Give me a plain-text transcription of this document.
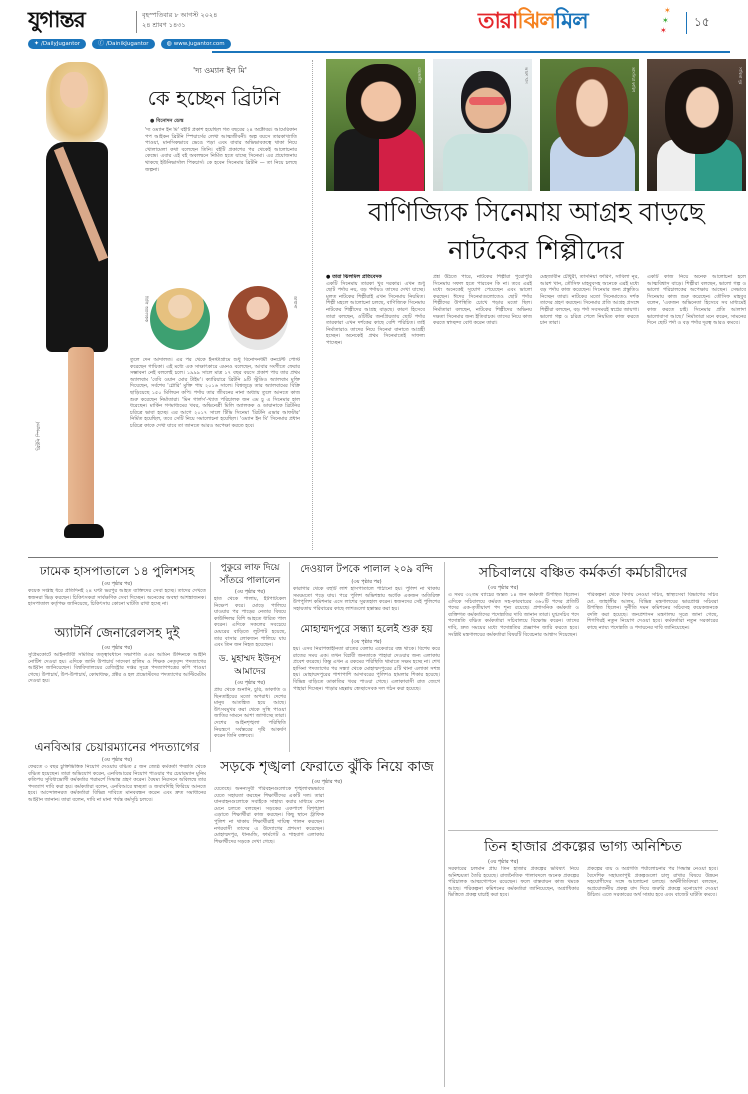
যুগান্তর	বৃহস্পতিবার ৮ আগস্ট ২০২৪
২৪ শ্রাবণ ১৪৩১
✦ /DailyJugantor	ⓕ /DainikJugantor	◍ www.jugantor.com
তারাঝিলমিল	✶
✶
✶
১৫
ব্রিটনি স্পিয়ার্স
'দ্য ওম্যান ইন মি'
কে হচ্ছেন ব্রিটনি
● বিনোদন ডেস্ক
'দ্য ওম্যান ইন মি' বইটি প্রকাশ হয়েছিল গত বছরের ২৪ অক্টোবর। আমেরিকান পপ আইকন ব্রিটনি স্পিয়ার্সের লেখা আত্মজীবনী। অল্প বয়সে তারকাখ্যাতি পাওয়া, মানসিকভাবে ভেঙে পড়া এবং বাবার অভিভাবকত্বে থাকা নিয়ে খোলামেলা কথা বলেছেন তিনি। বইটি প্রকাশের পর থেকেই আলোচনার কেন্দ্রে। এবার এই বই অবলম্বনে নির্মিত হতে যাচ্ছে সিনেমা। এর প্রযোজনায় থাকছে ইউনিভার্সাল পিকচার্স। কে হবেন সিনেমার ব্রিটনি — তা নিয়ে চলছে জল্পনা।
মিলি অ্যালকক	ডায়ানা
তুলে দেন আদালত। এর পর থেকে ইনস্টাগ্রামে শুধু বিনোদনধর্মী কনটেন্ট পোস্ট করেছেন গায়িকা। এই মধ্যে এক সাক্ষাৎকারে এমনও বলেছেন, আবার সংগীতে ফেরার সম্ভাবনা নেই বললেই চলে। ১৯৯৯ সালে মাত্র ১৭ বছর বয়সে প্রকাশ পায় তার প্রথম অ্যালবাম 'বেবি ওয়ান মোর টাইম'। ক্যারিয়ারে ব্রিটনি ৯টি স্টুডিও অ্যালবাম মুক্তি দিয়েছেন, সর্বশেষ 'গ্লোরি' মুক্তি পায় ২০১৬ সালে। বিশ্বজুড়ে তার অ্যালবামের বিক্রি ছাড়িয়েছে ১৫০ মিলিয়ন কপি। পর্দায় তার জীবনের নানা অধ্যায় তুলে আনতে কাজ শুরু করেছেন নির্মাতারা। 'মিন গার্লস'-খ্যাত পরিচালক জন এম চু এ সিনেমার হাল ধরেছেন। মার্কিন গণমাধ্যমের খবর, অভিনেত্রী মিলি অ্যালকক ও ডায়ানাকে ব্রিটনির চরিত্রে ভাবা হচ্ছে। এর আগে ২০১৭ সালে টিভি সিনেমা 'ব্রিটনি এভার আফটার' নির্মিত হয়েছিল, তবে সেটি নিয়ে সমালোচনা হয়েছিল। 'ওম্যান ইন মি' সিনেমার প্রধান চরিত্রে কাকে দেখা যাবে তা জানতে আরও অপেক্ষা করতে হবে।
মেহজাবীন	আরশ খান	তাসনিয়া ফারিণ	সাবিলা নূর
বাণিজ্যিক সিনেমায় আগ্রহ বাড়ছে
নাটকের শিল্পীদের
● তারা ঝিলমিল প্রতিবেদক
একটি সিনেমায় তারকা খুব দরকার। এখন শুধু ছোট পর্দায় নয়, বড় পর্দায়ও তাদের দেখা যাচ্ছে। মূলত নাটকের শিল্পীরাই এখন সিনেমায় নিয়মিত। শিল্পী মহলে আলোচনা চলছে, বাণিজ্যিক সিনেমায় নাটকের শিল্পীদের আগ্রহ বাড়ছে। কারণ হিসেবে তারা বলছেন, ওটিটির জনপ্রিয়তায় ছোট পর্দার তারকারা এখন দর্শকের কাছে বেশি পরিচিত। তাই নির্মাতারাও তাদের নিয়ে সিনেমা বানাতে আগ্রহী হচ্ছেন। অনেকেই প্রথম সিনেমাতেই সাফল্য পাচ্ছেন।
প্রশ্ন উঠতে পারে, নাটকের শিল্পীরা পুরোপুরি সিনেমায় সফল হতে পারবেন কি না। তবে এরই মধ্যে অনেকেই সুযোগ পেয়েছেন এবং ভালো করছেন। ঈদের সিনেমাগুলোতেও ছোট পর্দার শিল্পীদের উপস্থিতি চোখে পড়ার মতো ছিল। নির্মাতারা বলছেন, নাটকের শিল্পীদের অভিনয় দক্ষতা সিনেমার জন্য ইতিবাচক। তাদের নিয়ে কাজ করতে স্বাচ্ছন্দ্য বোধ করেন তারা।
মেহজাবীন চৌধুরী, তাসনিয়া ফারিণ, সাবিলা নূর, আরশ খান, তৌসিফ মাহবুবসহ অনেকে এরই মধ্যে বড় পর্দায় কাজ করেছেন। সিনেমার জন্য প্রস্তুতিও নিচ্ছেন তারা। নাটকের মতো সিনেমাতেও দর্শক তাদের গ্রহণ করছেন। সিনেমার প্রতি আগ্রহ প্রসঙ্গে শিল্পীরা বলছেন, বড় পর্দা সবসময়ই স্বপ্নের জায়গা। ভালো গল্প ও চরিত্র পেলে নিয়মিত কাজ করতে চান তারা।
একটি কাজ নিয়ে অনেক আলোচনা হলে আত্মবিশ্বাস বাড়ে। শিল্পীরা বলছেন, ভালো গল্প ও ভালো পরিচালকের অপেক্ষায় আছেন। সেভাবে সিনেমায় কাজ শুরু করেছেন। তৌসিফ মাহবুব বলেন, 'একজন অভিনেতা হিসেবে সব মাধ্যমেই কাজ করতে চাই। সিনেমার প্রতি আলাদা ভালোবাসা আছে।' নির্মাতারা মনে করেন, সামনের দিনে ছোট পর্দা ও বড় পর্দার দূরত্ব আরও কমবে।
ঢামেক হাসপাতালে ১৪ পুলিশসহ
(৩য় পৃষ্ঠার পর)
কয়েক সপ্তাহ ধরে প্রতিদিনই ২৪ ঘণ্টা ভরপুর আহত ব্যক্তিদের সেবা হচ্ছে। তাদের দেখতে স্বজনরা ভিড় করছেন। চিকিৎসকরা সার্বক্ষণিক সেবা দিচ্ছেন। অনেকের অবস্থা আশঙ্কাজনক। হাসপাতাল কর্তৃপক্ষ জানিয়েছে, চিকিৎসায় কোনো ঘাটতি রাখা হচ্ছে না।
অ্যাটর্নি জেনারেলসহ দুই
(৩য় পৃষ্ঠার পর)
সুপ্রিমকোর্টে আইনজীবী সমিতির তত্ত্বাবধানে সভাপতি এএম আমিন উদ্দিনকে আইনি নোটিশ দেওয়া হয়। এদিকে জানি উপাচার্য সাদেকা হালিম ও শিক্ষক নেতৃবৃন্দ পদত্যাগের আহ্বান জানিয়েছেন। বিশ্ববিদ্যালয়ের রেজিস্ট্রার দপ্তর সূত্রে পদত্যাগপত্রের কপি পাওয়া গেছে। উপাচার্য, উপ-উপাচার্য, কোষাধ্যক্ষ, প্রক্টর ও হল প্রভোস্টদের পদত্যাগের আল্টিমেটাম দেওয়া হয়।
এনবিআর চেয়ারম্যানের পদত্যাগের
(৩য় পৃষ্ঠার পর)
ফেরতে ৩ বছর চুক্তিভিত্তিক নিয়োগ দেওয়ায় বঞ্চিত ৫ জন জ্যেষ্ঠ কর্মকর্তা পদন্নতি থেকে বঞ্চিত হয়েছেন। তারা অভিযোগ করেন, এনবিআরের নিয়োগ পাওয়ার পর চেয়ারম্যান মুনিম কতিপয় সুবিধাভোগী কর্মকর্তার পরামর্শে সিদ্ধান্ত গ্রহণ করেন। বৈষম্য নিরসনে অবিলম্বে তার পদত্যাগ দাবি করা হয়। কর্মকর্তারা বলেন, এনবিআরে স্বচ্ছতা ও জবাবদিহি ফিরিয়ে আনতে হবে। আন্দোলনরত কর্মকর্তারা বিভিন্ন দাবিতে মানববন্ধন করেন এবং দ্রুত সমাধানের আহ্বান জানান। তারা বলেন, দাবি না মানা পর্যন্ত কর্মসূচি চলবে।
পুকুরে লাফ দিয়ে সাঁতরে পালালেন
(৩য় পৃষ্ঠার পর)
হাত থেকে পালায়, ইটপাটকেল নিক্ষেপ করে। মোড়ে পালিয়ে যাওয়ার পর পাড়ের নেতার বিষয়ে কাউন্সিলর বিশি আহতে ধারিত পাল করেন। এদিকে সকলের সবচেয়ে মেয়রের বাড়িতে লুটপাট হয়েছে, তার বাসার লোকজন পালিয়ে যায় এবং তিন জন নিহত হয়েছেন।
ড. মুহাম্মদ ইউনূস আমাদের
(৩য় পৃষ্ঠার পর)
প্রায় থেকে শুনানি, চুরি, ডাকাতি ও ছিনতাইয়ের মতো অপরাধ। দেশের মানুষ আতঙ্কিত হয়ে আছে। উৎসবমুখর করা থেকে সুস্থি পাওয়া জাতির সামনে আশা জাগাচ্ছে তারা। দেশের আইনশৃঙ্খলা পরিস্থিতি নিয়ন্ত্রণে সর্বস্তরের দৃষ্টি আকর্ষণ করেন তিনি বক্তব্যে।
দেওয়াল টপকে পালাল ২০৯ বন্দি
(৩য় পৃষ্ঠার পর)
কারাগার থেকে বহুটি লাশ হাসপাতালে পাঠানো হয়। পুলিশ না থাকায় সময়মতো পড়ে যায়। পরে পুলিশ অভিশঙ্কায় অর্ধেক একজন অতিরিক্ত উপপুলিশ কমিশনার এসে লাশের সুরতহাল করেন। স্বজনদের সেই পুলিশের সহায়তায় পরিবারের কাছে লাশগুলো হস্তান্তর করা হয়।
মোহাম্মদপুরে সন্ধ্যা হলেই শুরু হয়
(৩য় পৃষ্ঠার পর)
হয়। এসব নিরাপত্তাহীনতা রাতের বেলায় একেবারে বন্ধ থাকে। বিশেষ করে রাতের সময় এক। তখন বিপ্লবী জনতাকে পাহারা দেওয়ার জন্য এলাকায় প্রবেশ করেছে। কিন্তু এখন এ রকমের পরিস্থিতি থামাতে সক্ষম হচ্ছে না। শেখ হাসিনা পদত্যাগের পর সন্ধ্যা থেকে মোহাম্মদপুরের ৫টি থানা এলাকা সশস্ত্র হয়। মোহাম্মদপুরের পাশাপাশি আদাবরের পুলিশও হামলার শিকার হয়েছে। বিভিন্ন বাড়িতে ডাকাতির খবর পাওয়া গেছে। এলাকাবাসী রাত জেগে পাহারা দিচ্ছেন। পাড়ার মহল্লায় স্বেচ্ছাসেবক দল গঠন করা হয়েছে।
সড়কে শৃঙ্খলা ফেরাতে ঝুঁকি নিয়ে কাজ
(৩য় পৃষ্ঠার পর)
যেতেছে। অনন্যসুবী পরিবহনগুলোকে শৃঙ্খলাবদ্ধভাবে যেতে সহায়তা করছেন শিক্ষার্থীদের একটি দল। তারা যানবাহনগুলোকে সবাইকে সাহায্য করার মাধ্যমে লেন মেনে চলতে বলছেন। সড়কের একপাশে বিশৃঙ্খলা এড়াতে শিক্ষার্থীরা কাজ করছেন। কিছু স্থানে ট্রাফিক পুলিশ না থাকায় শিক্ষার্থীরাই দায়িত্ব পালন করছেন। নগরবাসী তাদের এ উদ্যোগের প্রশংসা করেছেন। মোহাম্মদপুর, ধানমন্ডি, ফার্মগেট ও শাহবাগ এলাকায় শিক্ষার্থীদের সড়কে দেখা গেছে।
সচিবালয়ে বঞ্চিত কর্মকর্তা কর্মচারীদের
(৩য় পৃষ্ঠার পর)
এ সময় ৩২তম ব্যাচের অন্তত ১৪ জন কর্মকর্তা উপস্থিত ছিলেন। এদিকে সচিবালয়ে কর্মরত সহ-কারবারের ৩৬০টি পদের প্রতিটি পদের এক-তৃতীয়াংশ পদ শূন্য রয়েছে। প্রশাসনিক কর্মকর্তা ও ব্যক্তিগত কর্মকর্তাদের পদোন্নতির দাবি জানান তারা। যুগ্মসচিব পদে পদোন্নতি বঞ্চিত কর্মকর্তারা সচিবালয়ে বিক্ষোভ করেন। তাদের দাবি, দ্রুত সময়ের মধ্যে পদোন্নতির প্রজ্ঞাপন জারি করতে হবে। সংশ্লিষ্ট মন্ত্রণালয়ের কর্মকর্তারা বিষয়টি বিবেচনার আশ্বাস দিয়েছেন।
পরিকল্পনা থেকে বিদায় নেওয়া সচিব, স্বাস্থ্যসেবা বিভাগের সচিব মো. জাহাঙ্গীর আলম, বিভিন্ন মন্ত্রণালয়ের ভারপ্রাপ্ত সচিবরা উপস্থিত ছিলেন। দুর্নীতি দমন কমিশনের সচিবসহ কয়েকজনকে বদলি করা হয়েছে। জনপ্রশাসন মন্ত্রণালয় সূত্রে জানা গেছে, শিগগিরই নতুন নিয়োগ দেওয়া হবে। কর্মকর্তারা নতুন সরকারের কাছে ন্যায্য পদোন্নতি ও পদায়নের দাবি জানিয়েছেন।
তিন হাজার প্রকল্পের ভাগ্য অনিশ্চিত
(৩য় পৃষ্ঠার পর)
সরকারের চলমান প্রায় তিন হাজার প্রকল্পের ভবিষ্যৎ নিয়ে অনিশ্চয়তা তৈরি হয়েছে। রাজনৈতিক পালাবদলে অনেক প্রকল্পের পরিচালক আত্মগোপনে রয়েছেন। ফলে বাস্তবায়ন কাজ থমকে আছে। পরিকল্পনা কমিশনের কর্মকর্তারা জানিয়েছেন, অগ্রাধিকার ভিত্তিতে প্রকল্প যাচাই করা হবে।
প্রকল্পের ব্যয় ও অগ্রগতি পর্যালোচনার পর সিদ্ধান্ত নেওয়া হবে। বৈদেশিক সহায়তাপুষ্ট প্রকল্পগুলো চালু রাখার বিষয়ে উন্নয়ন সহযোগীদের সঙ্গে আলোচনা চলছে। অর্থনীতিবিদরা বলছেন, অপ্রয়োজনীয় প্রকল্প বাদ দিয়ে জরুরি প্রকল্পে মনোযোগ দেওয়া উচিত। এতে সরকারের অর্থ সাশ্রয় হবে এবং বাজেট ঘাটতি কমবে।
